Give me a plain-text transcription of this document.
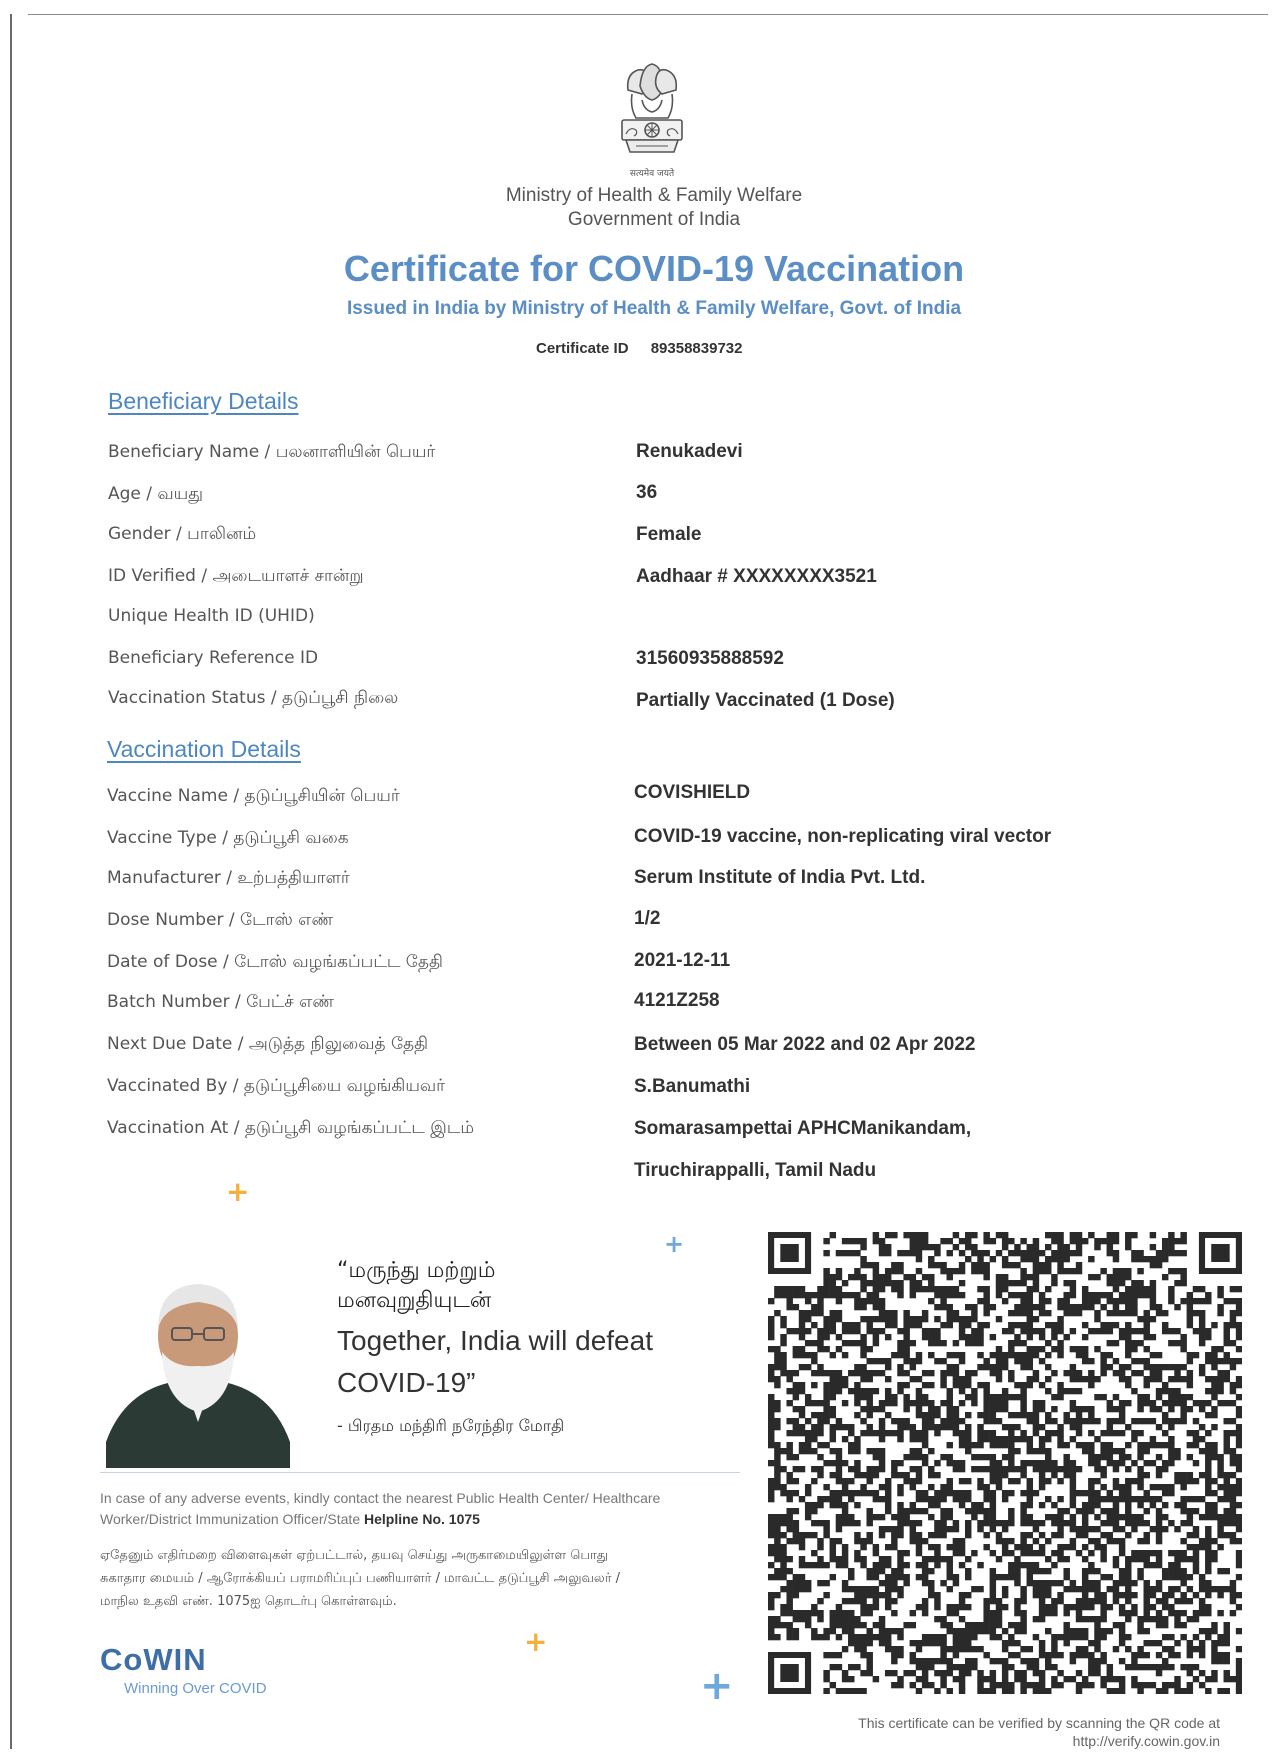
सत्यमेव जयते
Ministry of Health & Family Welfare
Government of India
Certificate for COVID-19 Vaccination
Issued in India by Ministry of Health & Family Welfare, Govt. of India
Certificate ID 89358839732
Beneficiary Details
Beneficiary Name / பலனாளியின் பெயர்	Renukadevi
Age / வயது	36
Gender / பாலினம்	Female
ID Verified / அடையாளச் சான்று	Aadhaar # XXXXXXXX3521
Unique Health ID (UHID)
Beneficiary Reference ID	31560935888592
Vaccination Status / தடுப்பூசி நிலை	Partially Vaccinated (1 Dose)
Vaccination Details
Vaccine Name / தடுப்பூசியின் பெயர்	COVISHIELD
Vaccine Type / தடுப்பூசி வகை	COVID-19 vaccine, non-replicating viral vector
Manufacturer / உற்பத்தியாளர்	Serum Institute of India Pvt. Ltd.
Dose Number / டோஸ் எண்	1/2
Date of Dose / டோஸ் வழங்கப்பட்ட தேதி	2021-12-11
Batch Number / பேட்ச் எண்	4121Z258
Next Due Date / அடுத்த நிலுவைத் தேதி	Between 05 Mar 2022 and 02 Apr 2022
Vaccinated By / தடுப்பூசியை வழங்கியவர்	S.Banumathi
Vaccination At / தடுப்பூசி வழங்கப்பட்ட இடம்	Somarasampettai APHCManikandam,
Tiruchirappalli, Tamil Nadu
+
+
+
+
“மருந்து மற்றும்
மனவுறுதியுடன்
Together, India will defeat
COVID-19”
- பிரதம மந்திரி நரேந்திர மோதி
In case of any adverse events, kindly contact the nearest Public Health Center/ Healthcare Worker/District Immunization Officer/State Helpline No. 1075
ஏதேனும் எதிர்மறை விளைவுகள் ஏற்பட்டால், தயவு செய்து அருகாமையிலுள்ள பொது
சுகாதார மையம் / ஆரோக்கியப் பராமரிப்புப் பணியாளர் / மாவட்ட தடுப்பூசி அலுவலர் /
மாநில உதவி எண். 1075ஐ தொடர்பு கொள்ளவும்.
CoWIN
Winning Over COVID
This certificate can be verified by scanning the QR code at
http://verify.cowin.gov.in
